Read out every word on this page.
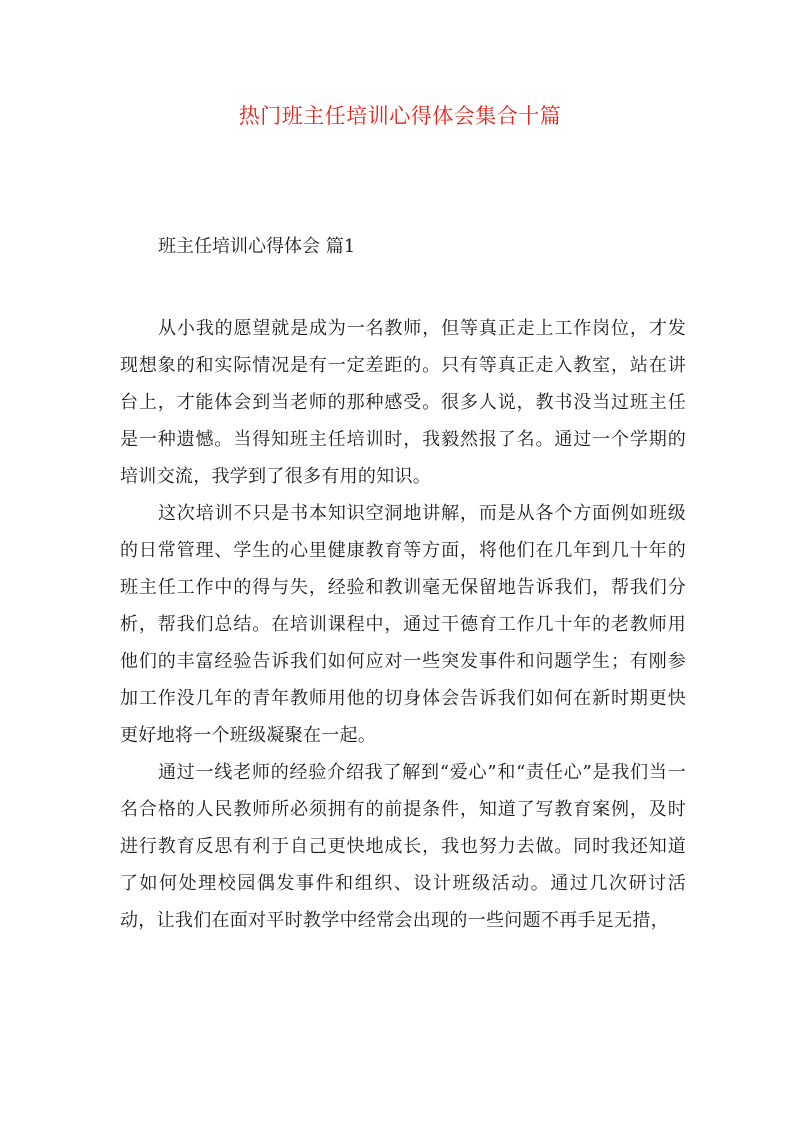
热门班主任培训心得体会集合十篇
班主任培训心得体会 篇1

从小我的愿望就是成为一名教师，但等真正走上工作岗位，才发现想象的和实际情况是有一定差距的。只有等真正走入教室，站在讲台上，才能体会到当老师的那种感受。很多人说，教书没当过班主任是一种遗憾。当得知班主任培训时，我毅然报了名。通过一个学期的培训交流，我学到了很多有用的知识。

这次培训不只是书本知识空洞地讲解，而是从各个方面例如班级的日常管理、学生的心里健康教育等方面，将他们在几年到几十年的班主任工作中的得与失，经验和教训毫无保留地告诉我们，帮我们分析，帮我们总结。在培训课程中，通过干德育工作几十年的老教师用他们的丰富经验告诉我们如何应对一些突发事件和问题学生；有刚参加工作没几年的青年教师用他的切身体会告诉我们如何在新时期更快更好地将一个班级凝聚在一起。

通过一线老师的经验介绍我了解到“爱心”和“责任心”是我们当一名合格的人民教师所必须拥有的前提条件，知道了写教育案例，及时进行教育反思有利于自己更快地成长，我也努力去做。同时我还知道了如何处理校园偶发事件和组织、设计班级活动。通过几次研讨活动，让我们在面对平时教学中经常会出现的一些问题不再手足无措，
